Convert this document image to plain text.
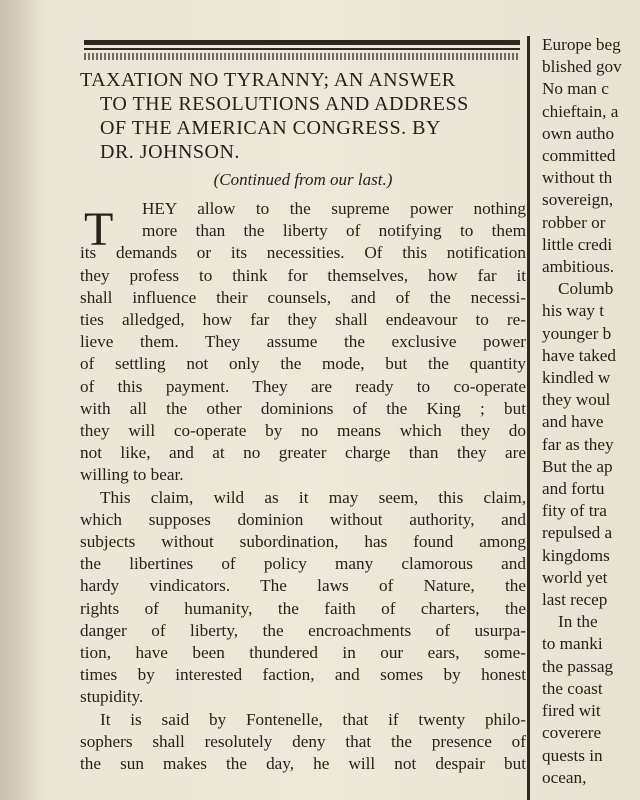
TAXATION NO TYRANNY; AN ANSWER
TO THE RESOLUTIONS AND ADDRESS
OF THE AMERICAN CONGRESS. BY
DR. JOHNSON.
(Continued from our last.)
HEY allow to the supreme power nothing
more than the liberty of notifying to them
its demands or its necessities. Of this notification
they profess to think for themselves, how far it
shall influence their counsels, and of the necessi-
ties alledged, how far they shall endeavour to re-
lieve them. They assume the exclusive power
of settling not only the mode, but the quantity
of this payment. They are ready to co-operate
with all the other dominions of the King ; but
they will co-operate by no means which they do
not like, and at no greater charge than they are
willing to bear.
This claim, wild as it may seem, this claim,
which supposes dominion without authority, and
subjects without subordination, has found among
the libertines of policy many clamorous and
hardy vindicators. The laws of Nature, the
rights of humanity, the faith of charters, the
danger of liberty, the encroachments of usurpa-
tion, have been thundered in our ears, some-
times by interested faction, and somes by honest
stupidity.
It is said by Fontenelle, that if twenty philo-
sophers shall resolutely deny that the presence of
the sun makes the day, he will not despair but
T
Europe beg
blished gov
No man c
chieftain, a
own autho
committed
without th
sovereign,
robber or
little credi
ambitious.
Columb
his way t
younger b
have taked
kindled w
they woul
and have
far as they
But the ap
and fortu
fity of tra
repulsed a
kingdoms
world yet
last recep
In the
to manki
the passag
the coast
fired wit
coverere
quests in
ocean,
